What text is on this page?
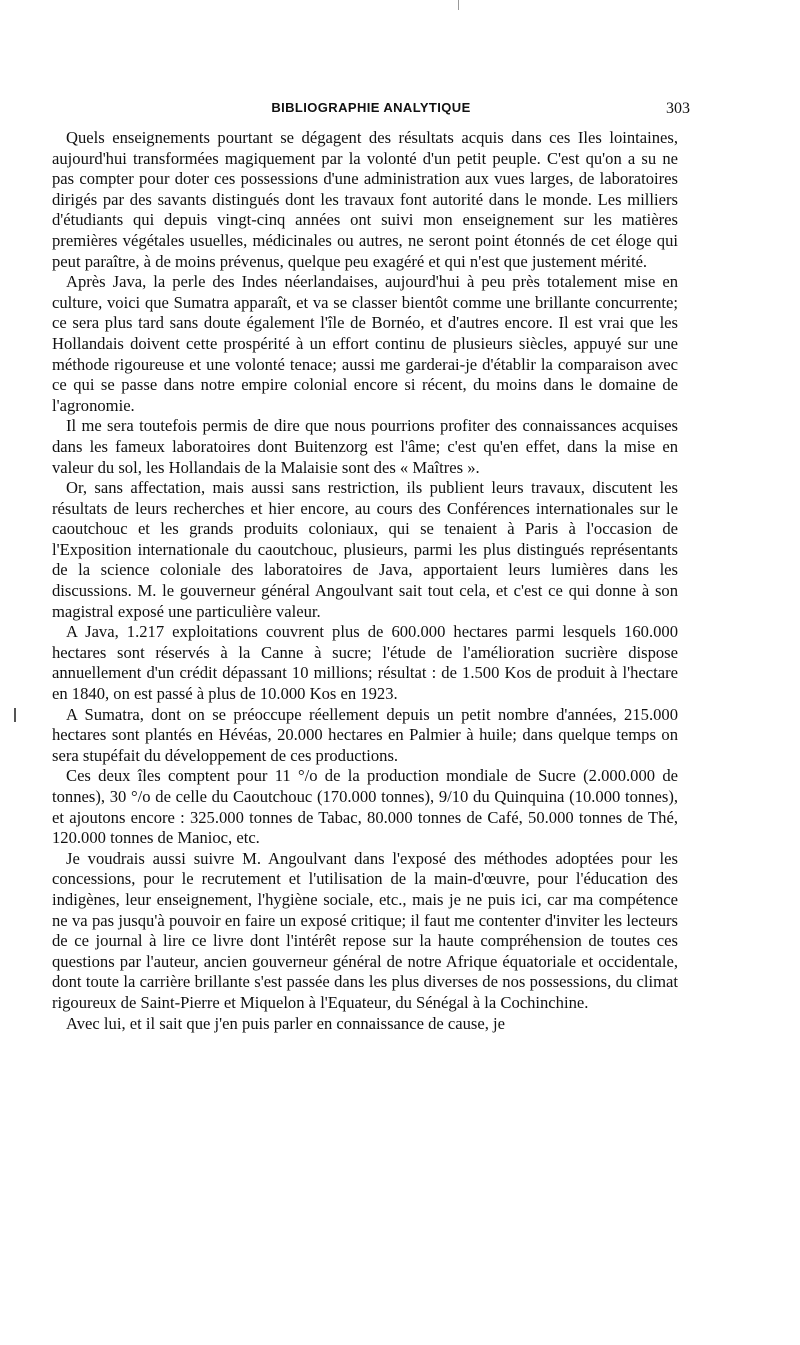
BIBLIOGRAPHIE ANALYTIQUE	303

Quels enseignements pourtant se dégagent des résultats acquis dans ces Iles lointaines, aujourd'hui transformées magiquement par la volonté d'un petit peuple. C'est qu'on a su ne pas compter pour doter ces possessions d'une administration aux vues larges, de laboratoires dirigés par des savants distingués dont les travaux font autorité dans le monde. Les milliers d'étudiants qui depuis vingt-cinq années ont suivi mon enseignement sur les matières premières végétales usuelles, médicinales ou autres, ne seront point étonnés de cet éloge qui peut paraître, à de moins prévenus, quelque peu exagéré et qui n'est que justement mérité.

Après Java, la perle des Indes néerlandaises, aujourd'hui à peu près totalement mise en culture, voici que Sumatra apparaît, et va se classer bientôt comme une brillante concurrente; ce sera plus tard sans doute également l'île de Bornéo, et d'autres encore. Il est vrai que les Hollandais doivent cette prospérité à un effort continu de plusieurs siècles, appuyé sur une méthode rigoureuse et une volonté tenace; aussi me garderai-je d'établir la comparaison avec ce qui se passe dans notre empire colonial encore si récent, du moins dans le domaine de l'agronomie.

Il me sera toutefois permis de dire que nous pourrions profiter des connaissances acquises dans les fameux laboratoires dont Buitenzorg est l'âme; c'est qu'en effet, dans la mise en valeur du sol, les Hollandais de la Malaisie sont des « Maîtres ».

Or, sans affectation, mais aussi sans restriction, ils publient leurs travaux, discutent les résultats de leurs recherches et hier encore, au cours des Conférences internationales sur le caoutchouc et les grands produits coloniaux, qui se tenaient à Paris à l'occasion de l'Exposition internationale du caoutchouc, plusieurs, parmi les plus distingués représentants de la science coloniale des laboratoires de Java, apportaient leurs lumières dans les discussions. M. le gouverneur général Angoulvant sait tout cela, et c'est ce qui donne à son magistral exposé une particulière valeur.

A Java, 1.217 exploitations couvrent plus de 600.000 hectares parmi lesquels 160.000 hectares sont réservés à la Canne à sucre; l'étude de l'amélioration sucrière dispose annuellement d'un crédit dépassant 10 millions; résultat : de 1.500 Kos de produit à l'hectare en 1840, on est passé à plus de 10.000 Kos en 1923.

A Sumatra, dont on se préoccupe réellement depuis un petit nombre d'années, 215.000 hectares sont plantés en Hévéas, 20.000 hectares en Palmier à huile; dans quelque temps on sera stupéfait du développement de ces productions.

Ces deux îles comptent pour 11 °/o de la production mondiale de Sucre (2.000.000 de tonnes), 30 °/o de celle du Caoutchouc (170.000 tonnes), 9/10 du Quinquina (10.000 tonnes), et ajoutons encore : 325.000 tonnes de Tabac, 80.000 tonnes de Café, 50.000 tonnes de Thé, 120.000 tonnes de Manioc, etc.

Je voudrais aussi suivre M. Angoulvant dans l'exposé des méthodes adoptées pour les concessions, pour le recrutement et l'utilisation de la main-d'œuvre, pour l'éducation des indigènes, leur enseignement, l'hygiène sociale, etc., mais je ne puis ici, car ma compétence ne va pas jusqu'à pouvoir en faire un exposé critique; il faut me contenter d'inviter les lecteurs de ce journal à lire ce livre dont l'intérêt repose sur la haute compréhension de toutes ces questions par l'auteur, ancien gouverneur général de notre Afrique équatoriale et occidentale, dont toute la carrière brillante s'est passée dans les plus diverses de nos possessions, du climat rigoureux de Saint-Pierre et Miquelon à l'Equateur, du Sénégal à la Cochinchine.

Avec lui, et il sait que j'en puis parler en connaissance de cause, je
